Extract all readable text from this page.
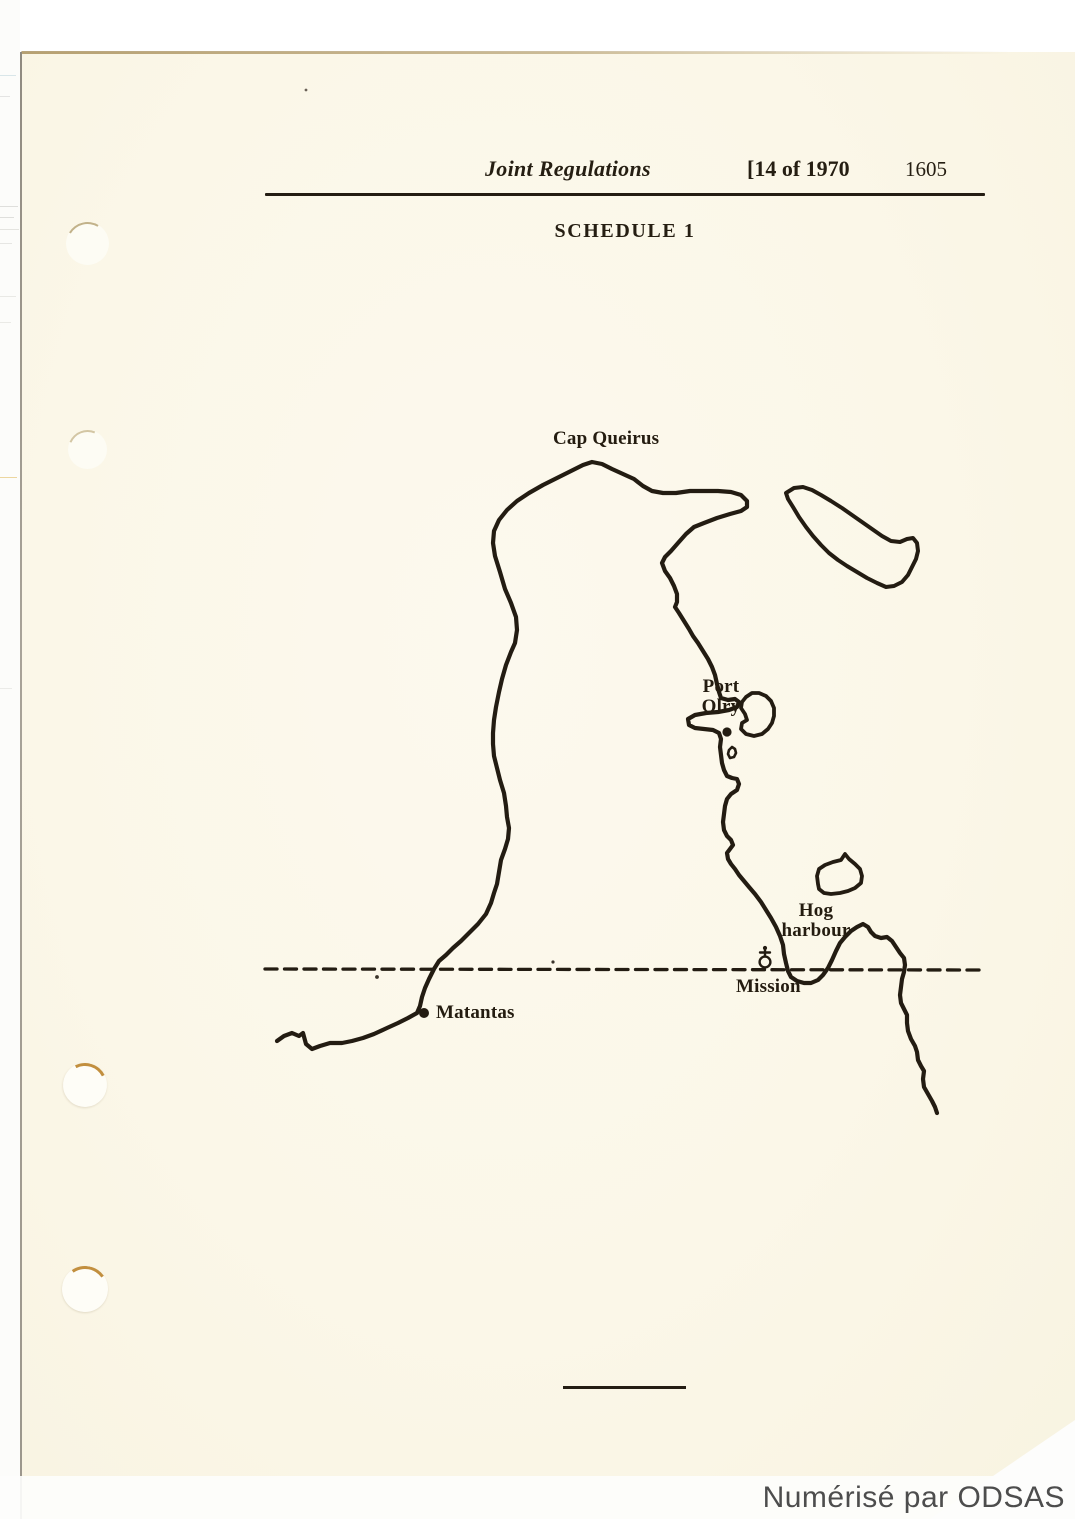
Joint Regulations	[14 of 1970	1605
SCHEDULE 1
Cap Queirus
Port
Olry
Hog
harbour
Mission
Matantas
Numérisé par ODSAS
